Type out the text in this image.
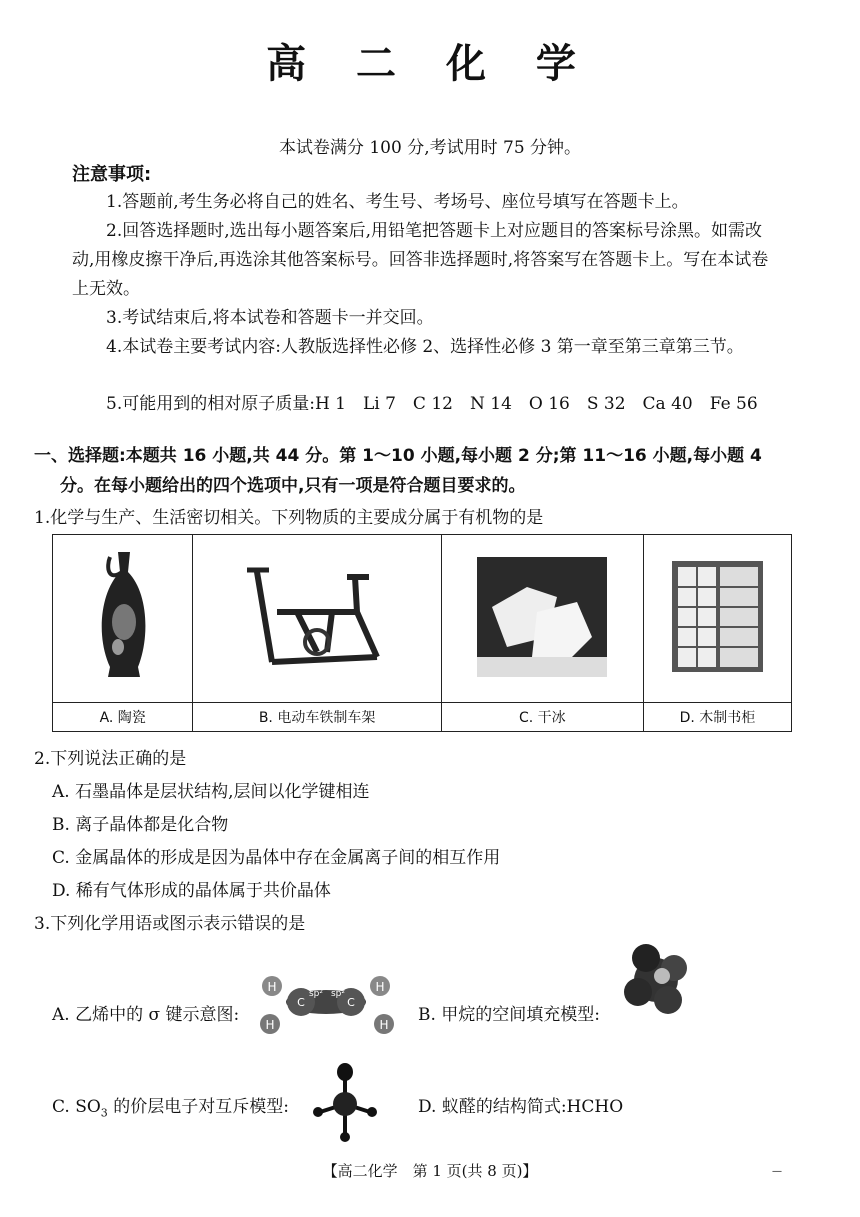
高 二 化 学
本试卷满分 100 分,考试用时 75 分钟。
注意事项:
1.答题前,考生务必将自己的姓名、考生号、考场号、座位号填写在答题卡上。
2.回答选择题时,选出每小题答案后,用铅笔把答题卡上对应题目的答案标号涂黑。如需改动,用橡皮擦干净后,再选涂其他答案标号。回答非选择题时,将答案写在答题卡上。写在本试卷上无效。
3.考试结束后,将本试卷和答题卡一并交回。
4.本试卷主要考试内容:人教版选择性必修 2、选择性必修 3 第一章至第三章第三节。
5.可能用到的相对原子质量:H 1　Li 7　C 12　N 14　O 16　S 32　Ca 40　Fe 56
一、选择题:本题共 16 小题,共 44 分。第 1～10 小题,每小题 2 分;第 11～16 小题,每小题 4
分。在每小题给出的四个选项中,只有一项是符合题目要求的。
1.化学与生产、生活密切相关。下列物质的主要成分属于有机物的是

A. 陶瓷	B. 电动车铁制车架	C. 干冰	D. 木制书柜
2.下列说法正确的是
A. 石墨晶体是层状结构,层间以化学键相连
B. 离子晶体都是化合物
C. 金属晶体的形成是因为晶体中存在金属离子间的相互作用
D. 稀有气体形成的晶体属于共价晶体
3.下列化学用语或图示表示错误的是
A. 乙烯中的 σ 键示意图:
H
H
H
H
C	C
sp² sp²
B. 甲烷的空间填充模型:
C. $SO_3$ 的价层电子对互斥模型:	D. 蚁醛的结构简式:HCHO
【高二化学　第 1 页(共 8 页)】	—
